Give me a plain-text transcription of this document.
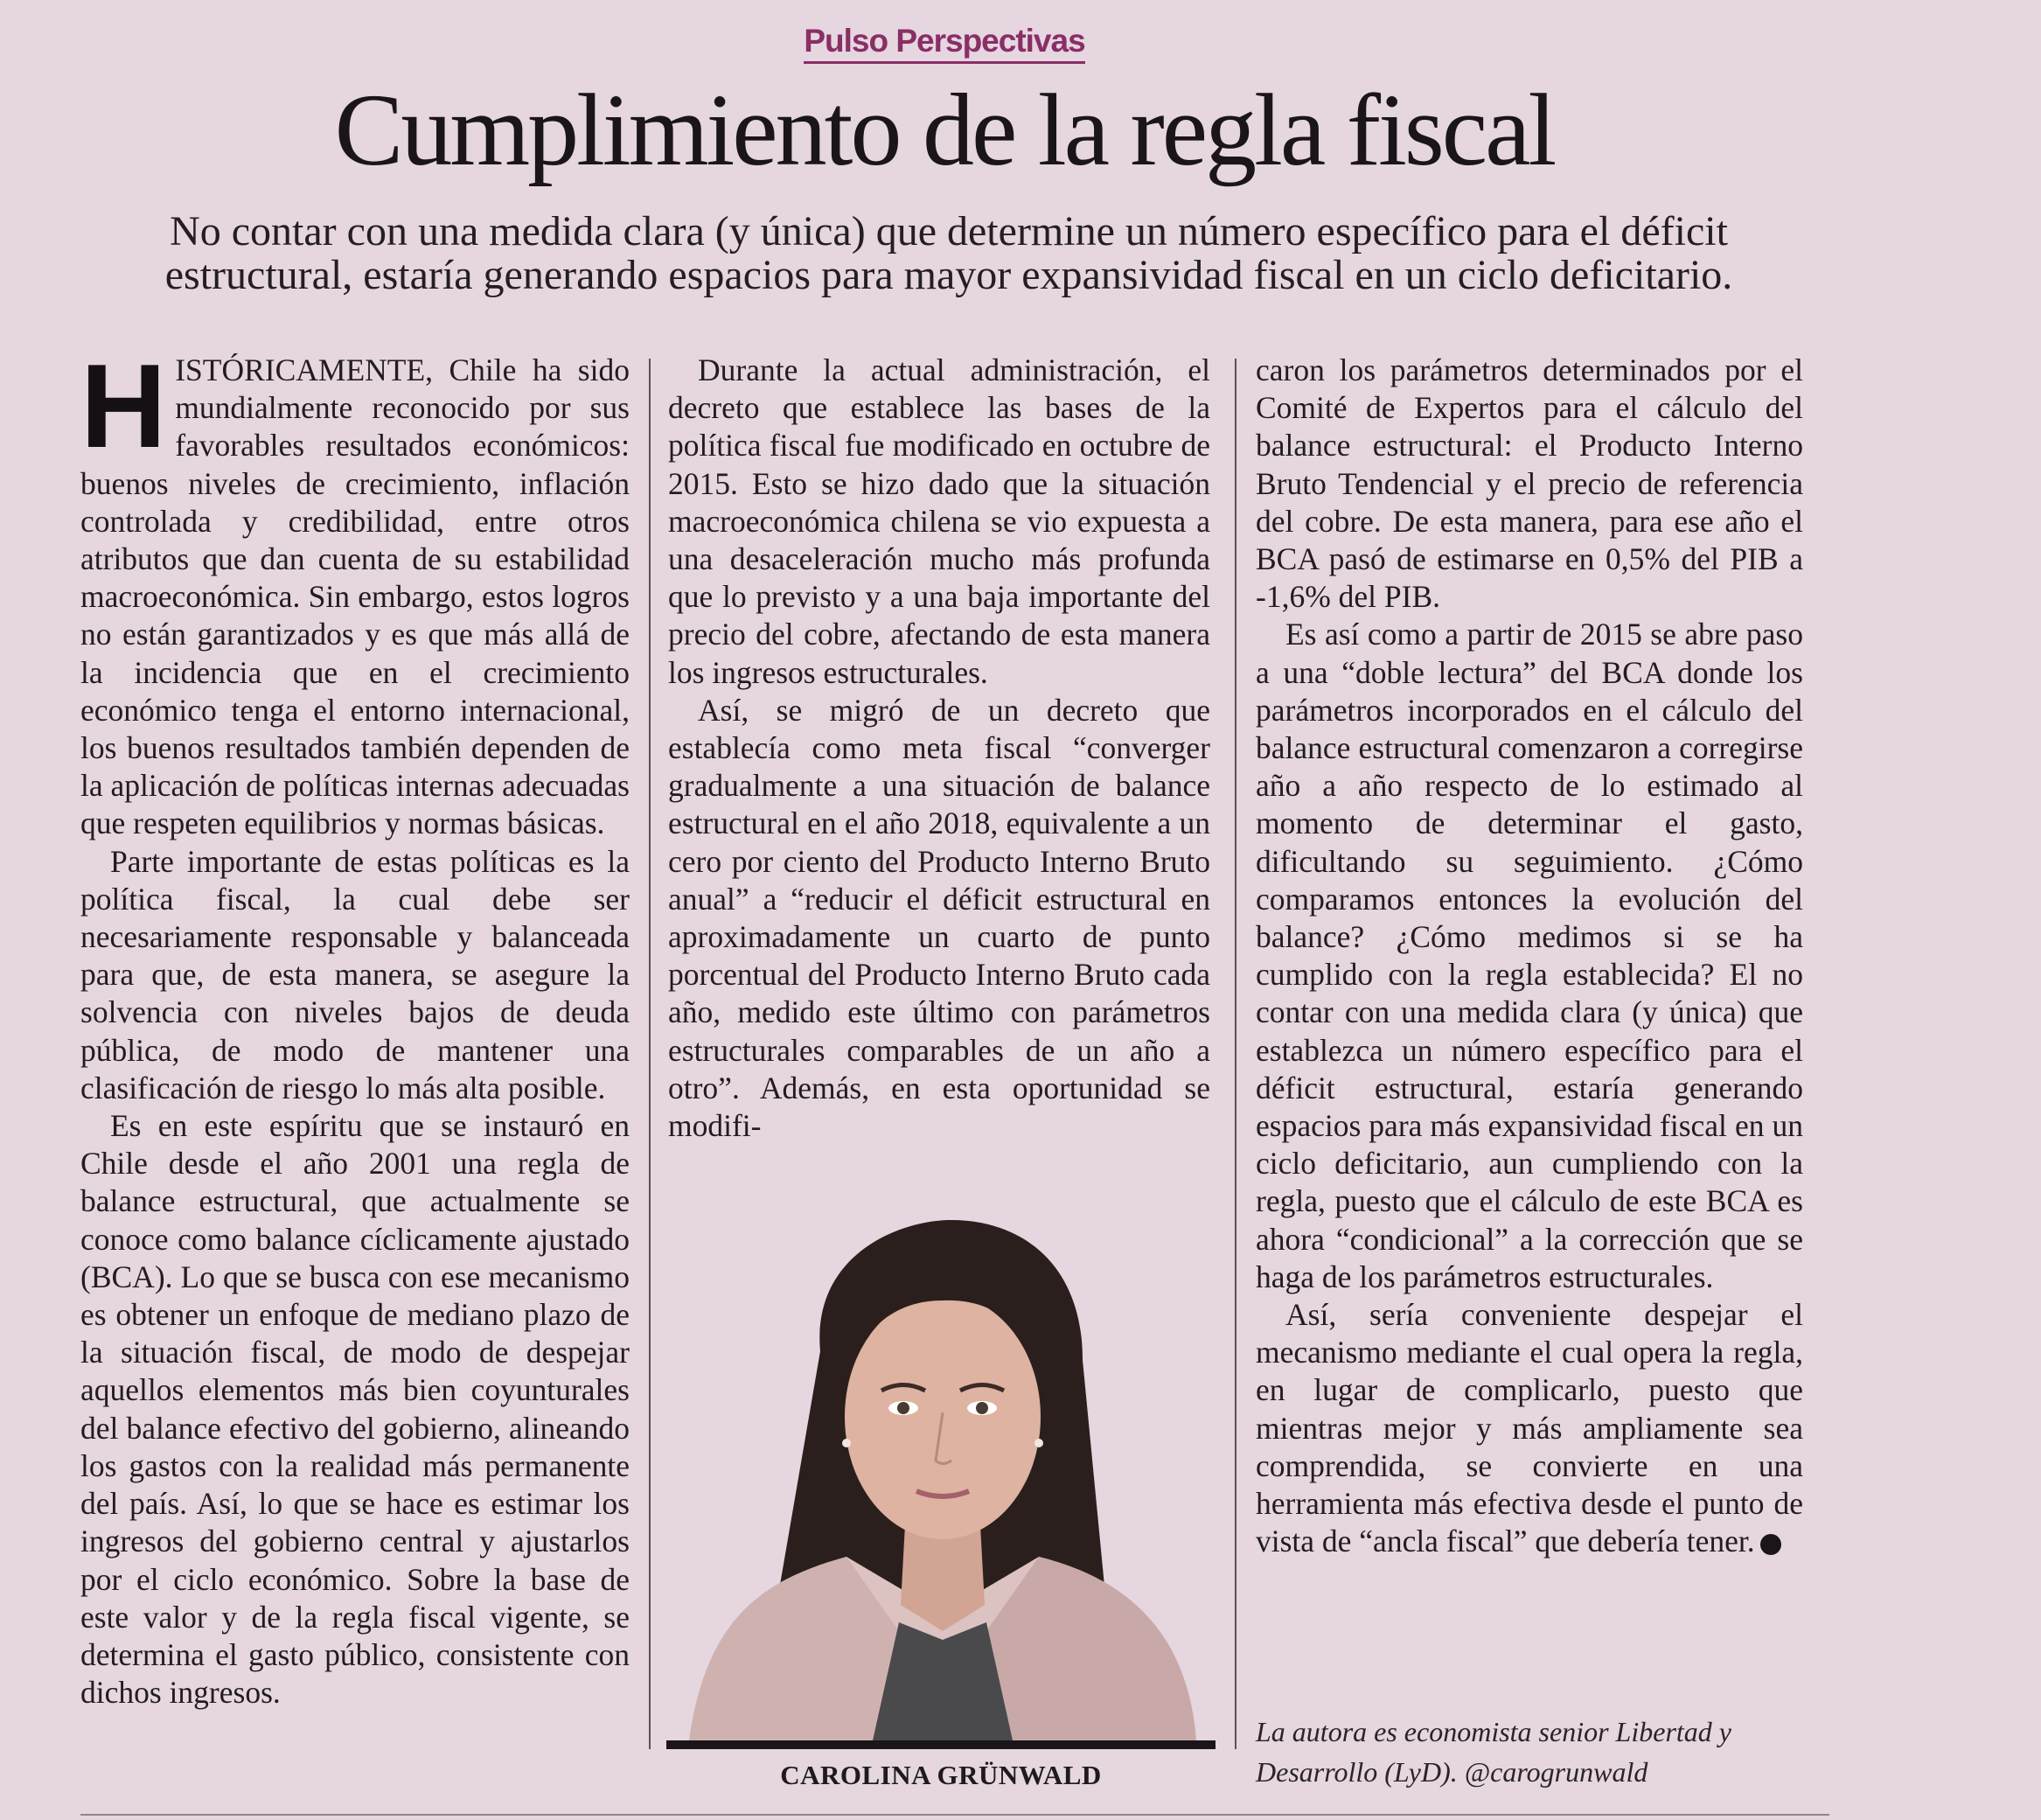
Pulso Perspectivas
Cumplimiento de la regla fiscal

No contar con una medida clara (y única) que determine un número específico para el déficit estructural, estaría generando espacios para mayor expansividad fiscal en un ciclo deficitario.

HISTÓRICAMENTE, Chile ha sido mundialmente reconocido por sus favorables resultados económicos: buenos niveles de crecimiento, inflación controlada y credibilidad, entre otros atributos que dan cuenta de su estabilidad macroeconómica. Sin embargo, estos logros no están garantizados y es que más allá de la incidencia que en el crecimiento económico tenga el entorno internacional, los buenos resultados también dependen de la aplicación de políticas internas adecuadas que respeten equilibrios y normas básicas.

Parte importante de estas políticas es la política fiscal, la cual debe ser necesariamente responsable y balanceada para que, de esta manera, se asegure la solvencia con niveles bajos de deuda pública, de modo de mantener una clasificación de riesgo lo más alta posible.

Es en este espíritu que se instauró en Chile desde el año 2001 una regla de balance estructural, que actualmente se conoce como balance cíclicamente ajustado (BCA). Lo que se busca con ese mecanismo es obtener un enfoque de mediano plazo de la situación fiscal, de modo de despejar aquellos elementos más bien coyunturales del balance efectivo del gobierno, alineando los gastos con la realidad más permanente del país. Así, lo que se hace es estimar los ingresos del gobierno central y ajustarlos por el ciclo económico. Sobre la base de este valor y de la regla fiscal vigente, se determina el gasto público, consistente con dichos ingresos.

Durante la actual administración, el decreto que establece las bases de la política fiscal fue modificado en octubre de 2015. Esto se hizo dado que la situación macroeconómica chilena se vio expuesta a una desaceleración mucho más profunda que lo previsto y a una baja importante del precio del cobre, afectando de esta manera los ingresos estructurales.

Así, se migró de un decreto que establecía como meta fiscal “converger gradualmente a una situación de balance estructural en el año 2018, equivalente a un cero por ciento del Producto Interno Bruto anual” a “reducir el déficit estructural en aproximadamente un cuarto de punto porcentual del Producto Interno Bruto cada año, medido este último con parámetros estructurales comparables de un año a otro”. Además, en esta oportunidad se modifi-

caron los parámetros determinados por el Comité de Expertos para el cálculo del balance estructural: el Producto Interno Bruto Tendencial y el precio de referencia del cobre. De esta manera, para ese año el BCA pasó de estimarse en 0,5% del PIB a -1,6% del PIB.

Es así como a partir de 2015 se abre paso a una “doble lectura” del BCA donde los parámetros incorporados en el cálculo del balance estructural comenzaron a corregirse año a año respecto de lo estimado al momento de determinar el gasto, dificultando su seguimiento. ¿Cómo comparamos entonces la evolución del balance? ¿Cómo medimos si se ha cumplido con la regla establecida? El no contar con una medida clara (y única) que establezca un número específico para el déficit estructural, estaría generando espacios para más expansividad fiscal en un ciclo deficitario, aun cumpliendo con la regla, puesto que el cálculo de este BCA es ahora “condicional” a la corrección que se haga de los parámetros estructurales.

Así, sería conveniente despejar el mecanismo mediante el cual opera la regla, en lugar de complicarlo, puesto que mientras mejor y más ampliamente sea comprendida, se convierte en una herramienta más efectiva desde el punto de vista de “ancla fiscal” que debería tener.	P

CAROLINA GRÜNWALD
La autora es economista senior Libertad y Desarrollo (LyD). @carogrunwald
